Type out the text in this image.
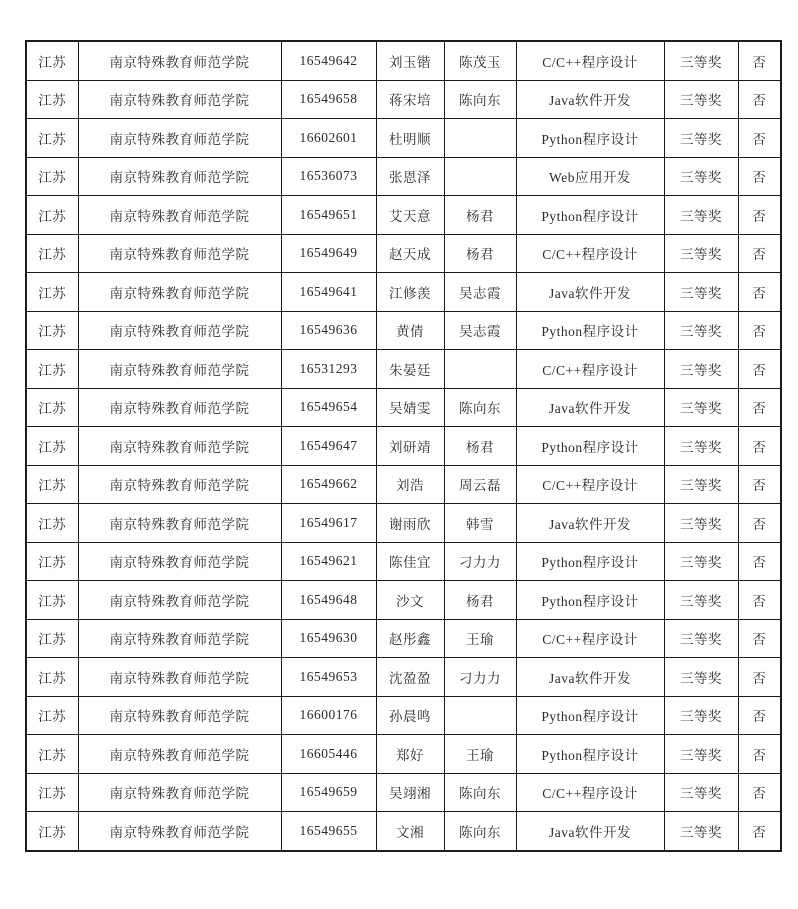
江苏	南京特殊教育师范学院	16549642	刘玉锴	陈茂玉	C/C++程序设计	三等奖	否
江苏	南京特殊教育师范学院	16549658	蒋宋培	陈向东	Java软件开发	三等奖	否
江苏	南京特殊教育师范学院	16602601	杜明顺		Python程序设计	三等奖	否
江苏	南京特殊教育师范学院	16536073	张恩泽		Web应用开发	三等奖	否
江苏	南京特殊教育师范学院	16549651	艾天意	杨君	Python程序设计	三等奖	否
江苏	南京特殊教育师范学院	16549649	赵天成	杨君	C/C++程序设计	三等奖	否
江苏	南京特殊教育师范学院	16549641	江修羡	吴志霞	Java软件开发	三等奖	否
江苏	南京特殊教育师范学院	16549636	黄倩	吴志霞	Python程序设计	三等奖	否
江苏	南京特殊教育师范学院	16531293	朱晏廷		C/C++程序设计	三等奖	否
江苏	南京特殊教育师范学院	16549654	吴婧雯	陈向东	Java软件开发	三等奖	否
江苏	南京特殊教育师范学院	16549647	刘研靖	杨君	Python程序设计	三等奖	否
江苏	南京特殊教育师范学院	16549662	刘浩	周云磊	C/C++程序设计	三等奖	否
江苏	南京特殊教育师范学院	16549617	谢雨欣	韩雪	Java软件开发	三等奖	否
江苏	南京特殊教育师范学院	16549621	陈佳宜	刁力力	Python程序设计	三等奖	否
江苏	南京特殊教育师范学院	16549648	沙文	杨君	Python程序设计	三等奖	否
江苏	南京特殊教育师范学院	16549630	赵彤鑫	王瑜	C/C++程序设计	三等奖	否
江苏	南京特殊教育师范学院	16549653	沈盈盈	刁力力	Java软件开发	三等奖	否
江苏	南京特殊教育师范学院	16600176	孙晨鸣		Python程序设计	三等奖	否
江苏	南京特殊教育师范学院	16605446	郑好	王瑜	Python程序设计	三等奖	否
江苏	南京特殊教育师范学院	16549659	吴翊湘	陈向东	C/C++程序设计	三等奖	否
江苏	南京特殊教育师范学院	16549655	文湘	陈向东	Java软件开发	三等奖	否
